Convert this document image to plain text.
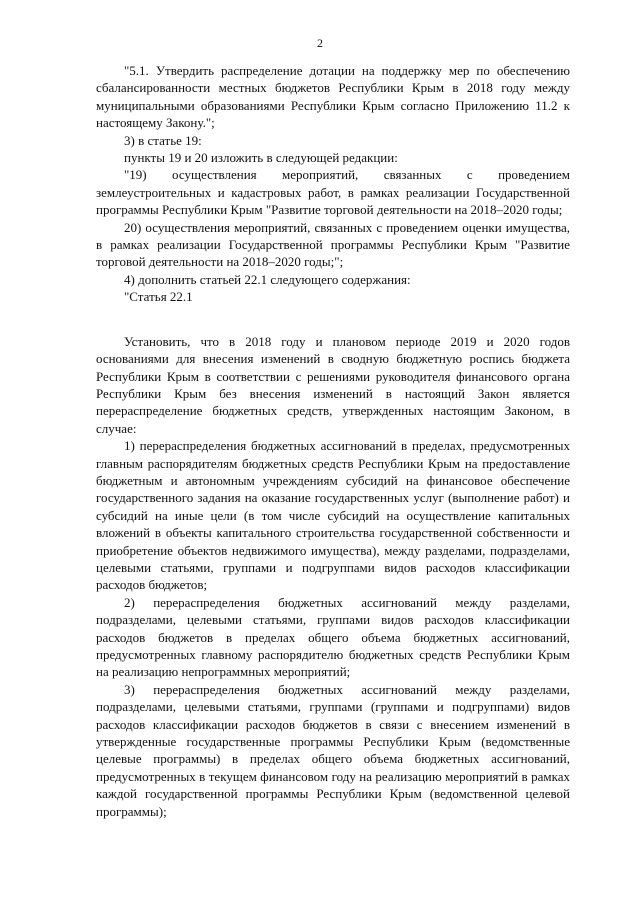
2

"5.1. Утвердить распределение дотации на поддержку мер по обеспечению сбалансированности местных бюджетов Республики Крым в 2018 году между муниципальными образованиями Республики Крым согласно Приложению 11.2 к настоящему Закону.";

3) в статье 19:

пункты 19 и 20 изложить в следующей редакции:

"19) осуществления мероприятий, связанных с проведением землеустроительных и кадастровых работ, в рамках реализации Государственной программы Республики Крым "Развитие торговой деятельности на 2018–2020 годы;

20) осуществления мероприятий, связанных с проведением оценки имущества, в рамках реализации Государственной программы Республики Крым "Развитие торговой деятельности на 2018–2020 годы;";

4) дополнить статьей 22.1 следующего содержания:

"Статья 22.1

Установить, что в 2018 году и плановом периоде 2019 и 2020 годов основаниями для внесения изменений в сводную бюджетную роспись бюджета Республики Крым в соответствии с решениями руководителя финансового органа Республики Крым без внесения изменений в настоящий Закон является перераспределение бюджетных средств, утвержденных настоящим Законом, в случае:

1) перераспределения бюджетных ассигнований в пределах, предусмотренных главным распорядителям бюджетных средств Республики Крым на предоставление бюджетным и автономным учреждениям субсидий на финансовое обеспечение государственного задания на оказание государственных услуг (выполнение работ) и субсидий на иные цели (в том числе субсидий на осуществление капитальных вложений в объекты капитального строительства государственной собственности и приобретение объектов недвижимого имущества), между разделами, подразделами, целевыми статьями, группами и подгруппами видов расходов классификации расходов бюджетов;

2) перераспределения бюджетных ассигнований между разделами, подразделами, целевыми статьями, группами видов расходов классификации расходов бюджетов в пределах общего объема бюджетных ассигнований, предусмотренных главному распорядителю бюджетных средств Республики Крым на реализацию непрограммных мероприятий;

3) перераспределения бюджетных ассигнований между разделами, подразделами, целевыми статьями, группами (группами и подгруппами) видов расходов классификации расходов бюджетов в связи с внесением изменений в утвержденные государственные программы Республики Крым (ведомственные целевые программы) в пределах общего объема бюджетных ассигнований, предусмотренных в текущем финансовом году на реализацию мероприятий в рамках каждой государственной программы Республики Крым (ведомственной целевой программы);
